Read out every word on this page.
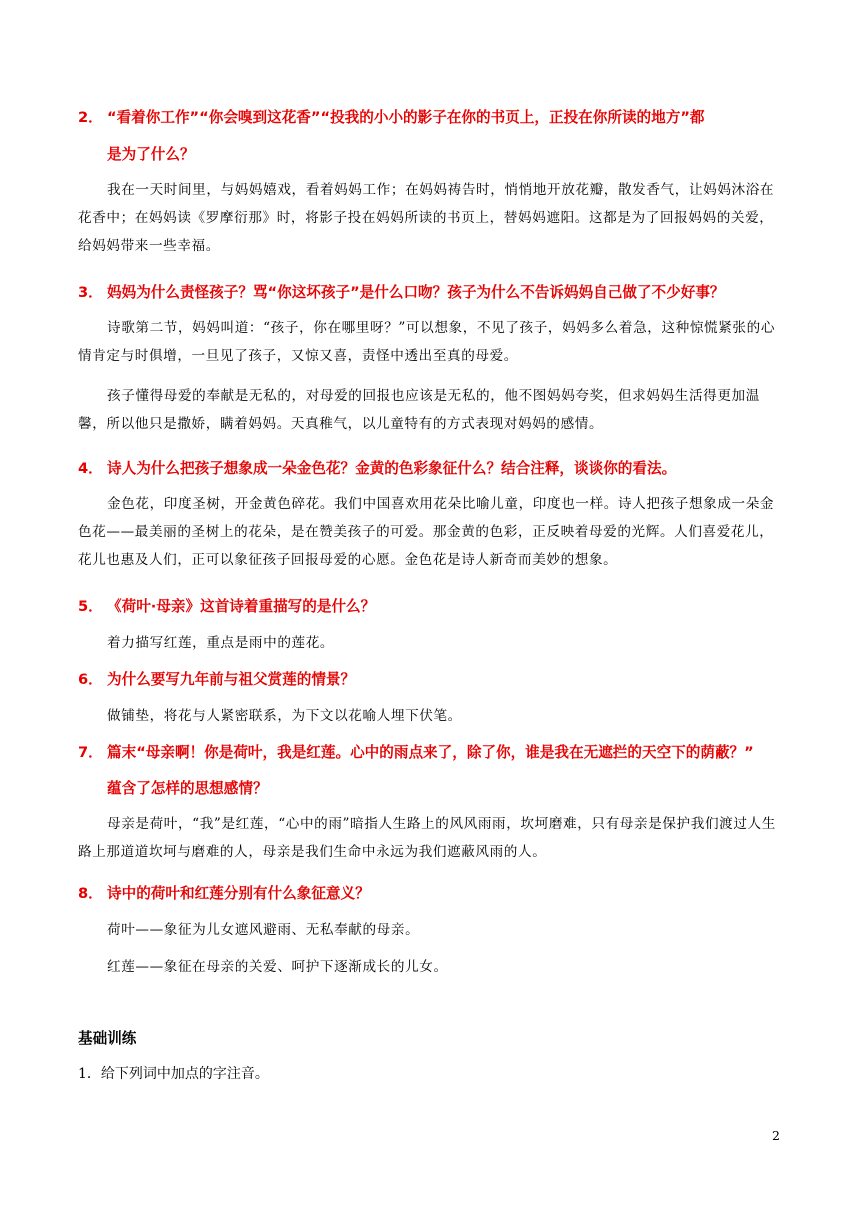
2． “看着你工作”“你会嗅到这花香”“投我的小小的影子在你的书页上，正投在你所读的地方”都
是为了什么？
我在一天时间里，与妈妈嬉戏，看着妈妈工作；在妈妈祷告时，悄悄地开放花瓣，散发香气，让妈妈沐浴在花香中；在妈妈读《罗摩衍那》时，将影子投在妈妈所读的书页上，替妈妈遮阳。这都是为了回报妈妈的关爱，给妈妈带来一些幸福。
3． 妈妈为什么责怪孩子？骂“你这坏孩子”是什么口吻？孩子为什么不告诉妈妈自己做了不少好事？
诗歌第二节，妈妈叫道：“孩子，你在哪里呀？”可以想象，不见了孩子，妈妈多么着急，这种惊慌紧张的心情肯定与时俱增，一旦见了孩子，又惊又喜，责怪中透出至真的母爱。
孩子懂得母爱的奉献是无私的，对母爱的回报也应该是无私的，他不图妈妈夸奖，但求妈妈生活得更加温馨，所以他只是撒娇，瞒着妈妈。天真稚气，以儿童特有的方式表现对妈妈的感情。
4． 诗人为什么把孩子想象成一朵金色花？金黄的色彩象征什么？结合注释，谈谈你的看法。
金色花，印度圣树，开金黄色碎花。我们中国喜欢用花朵比喻儿童，印度也一样。诗人把孩子想象成一朵金色花——最美丽的圣树上的花朵，是在赞美孩子的可爱。那金黄的色彩，正反映着母爱的光辉。人们喜爱花儿，花儿也惠及人们，正可以象征孩子回报母爱的心愿。金色花是诗人新奇而美妙的想象。
5． 《荷叶·母亲》这首诗着重描写的是什么？
着力描写红莲，重点是雨中的莲花。
6． 为什么要写九年前与祖父赏莲的情景？
做铺垫，将花与人紧密联系，为下文以花喻人埋下伏笔。
7． 篇末“母亲啊！你是荷叶，我是红莲。心中的雨点来了，除了你，谁是我在无遮拦的天空下的荫蔽？”
蕴含了怎样的思想感情？
母亲是荷叶，“我”是红莲，“心中的雨”暗指人生路上的风风雨雨，坎坷磨难，只有母亲是保护我们渡过人生路上那道道坎坷与磨难的人，母亲是我们生命中永远为我们遮蔽风雨的人。
8． 诗中的荷叶和红莲分别有什么象征意义？
荷叶——象征为儿女遮风避雨、无私奉献的母亲。
红莲——象征在母亲的关爱、呵护下逐渐成长的儿女。
基础训练
1．给下列词中加点的字注音。
2
